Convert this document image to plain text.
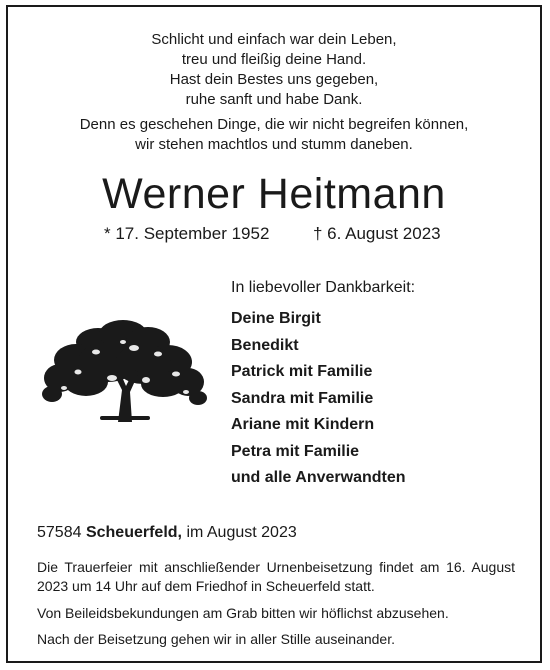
Schlicht und einfach war dein Leben,
treu und fleißig deine Hand.
Hast dein Bestes uns gegeben,
ruhe sanft und habe Dank.
Denn es geschehen Dinge, die wir nicht begreifen können,
wir stehen machtlos und stumm daneben.
Werner Heitmann
* 17. September 1952	† 6. August 2023
In liebevoller Dankbarkeit:
Deine Birgit
Benedikt
Patrick mit Familie
Sandra mit Familie
Ariane mit Kindern
Petra mit Familie
und alle Anverwandten
57584 Scheuerfeld, im August 2023
Die Trauerfeier mit anschließender Urnenbeisetzung findet am 16. August 2023 um 14 Uhr auf dem Friedhof in Scheuerfeld statt.
Von Beileidsbekundungen am Grab bitten wir höflichst abzusehen.
Nach der Beisetzung gehen wir in aller Stille auseinander.
